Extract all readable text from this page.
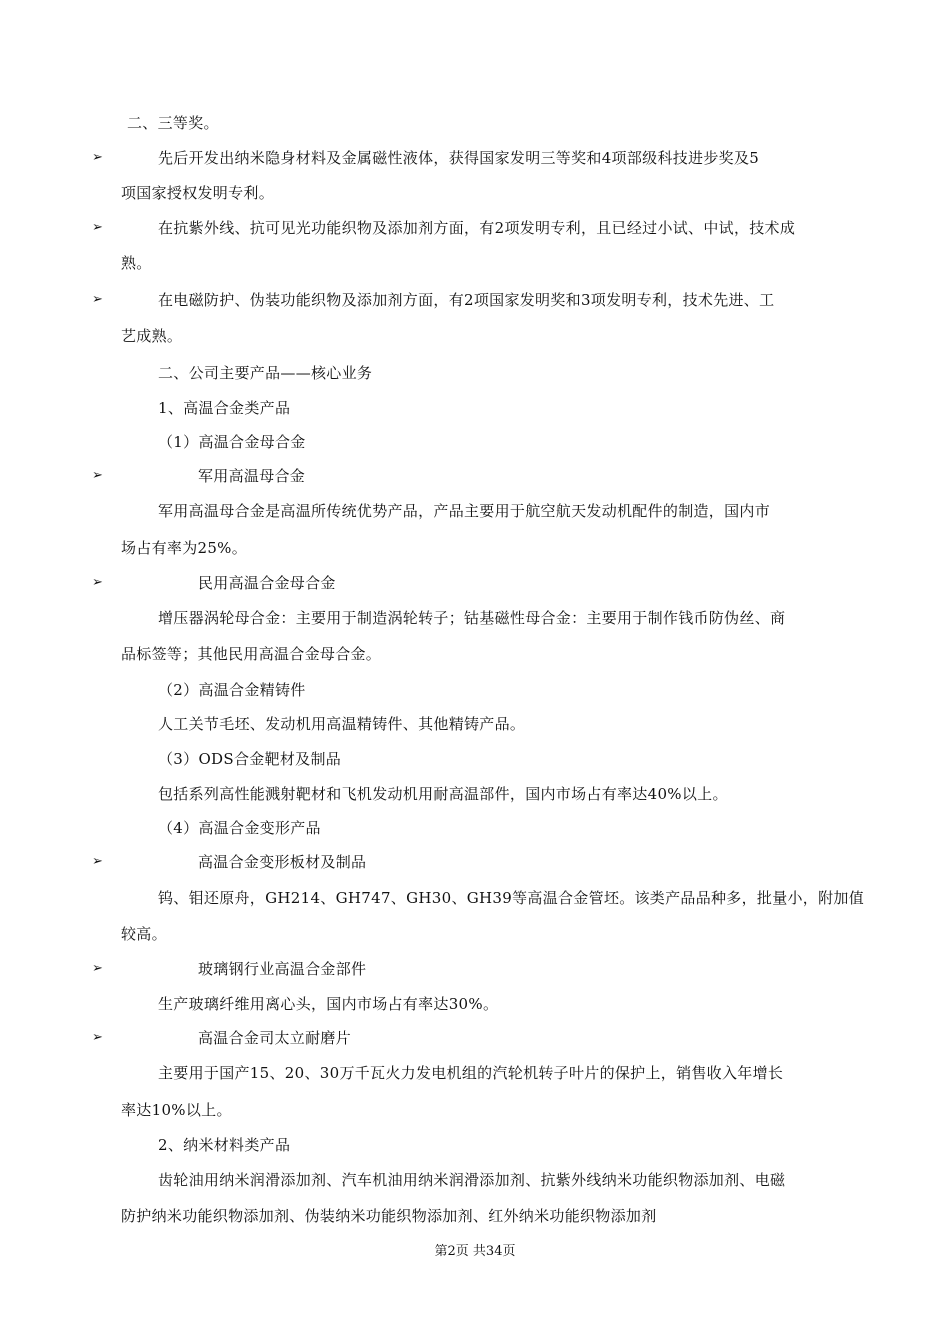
二、三等奖。
➢	先后开发出纳米隐身材料及金属磁性液体，获得国家发明三等奖和4项部级科技进步奖及5
项国家授权发明专利。
➢	在抗紫外线、抗可见光功能织物及添加剂方面，有2项发明专利，且已经过小试、中试，技术成
熟。
➢	在电磁防护、伪装功能织物及添加剂方面，有2项国家发明奖和3项发明专利，技术先进、工
艺成熟。
二、公司主要产品——核心业务
1、高温合金类产品
（1）高温合金母合金
➢	军用高温母合金
军用高温母合金是高温所传统优势产品，产品主要用于航空航天发动机配件的制造，国内市
场占有率为25%。
➢	民用高温合金母合金
增压器涡轮母合金：主要用于制造涡轮转子；钴基磁性母合金：主要用于制作钱币防伪丝、商
品标签等；其他民用高温合金母合金。
（2）高温合金精铸件
人工关节毛坯、发动机用高温精铸件、其他精铸产品。
（3）ODS合金靶材及制品
包括系列高性能溅射靶材和飞机发动机用耐高温部件，国内市场占有率达40%以上。
（4）高温合金变形产品
➢	高温合金变形板材及制品
钨、钼还原舟，GH214、GH747、GH30、GH39等高温合金管坯。该类产品品种多，批量小，附加值
较高。
➢	玻璃钢行业高温合金部件
生产玻璃纤维用离心头，国内市场占有率达30%。
➢	高温合金司太立耐磨片
主要用于国产15、20、30万千瓦火力发电机组的汽轮机转子叶片的保护上，销售收入年增长
率达10%以上。
2、纳米材料类产品
齿轮油用纳米润滑添加剂、汽车机油用纳米润滑添加剂、抗紫外线纳米功能织物添加剂、电磁
防护纳米功能织物添加剂、伪装纳米功能织物添加剂、红外纳米功能织物添加剂
第2页 共34页
